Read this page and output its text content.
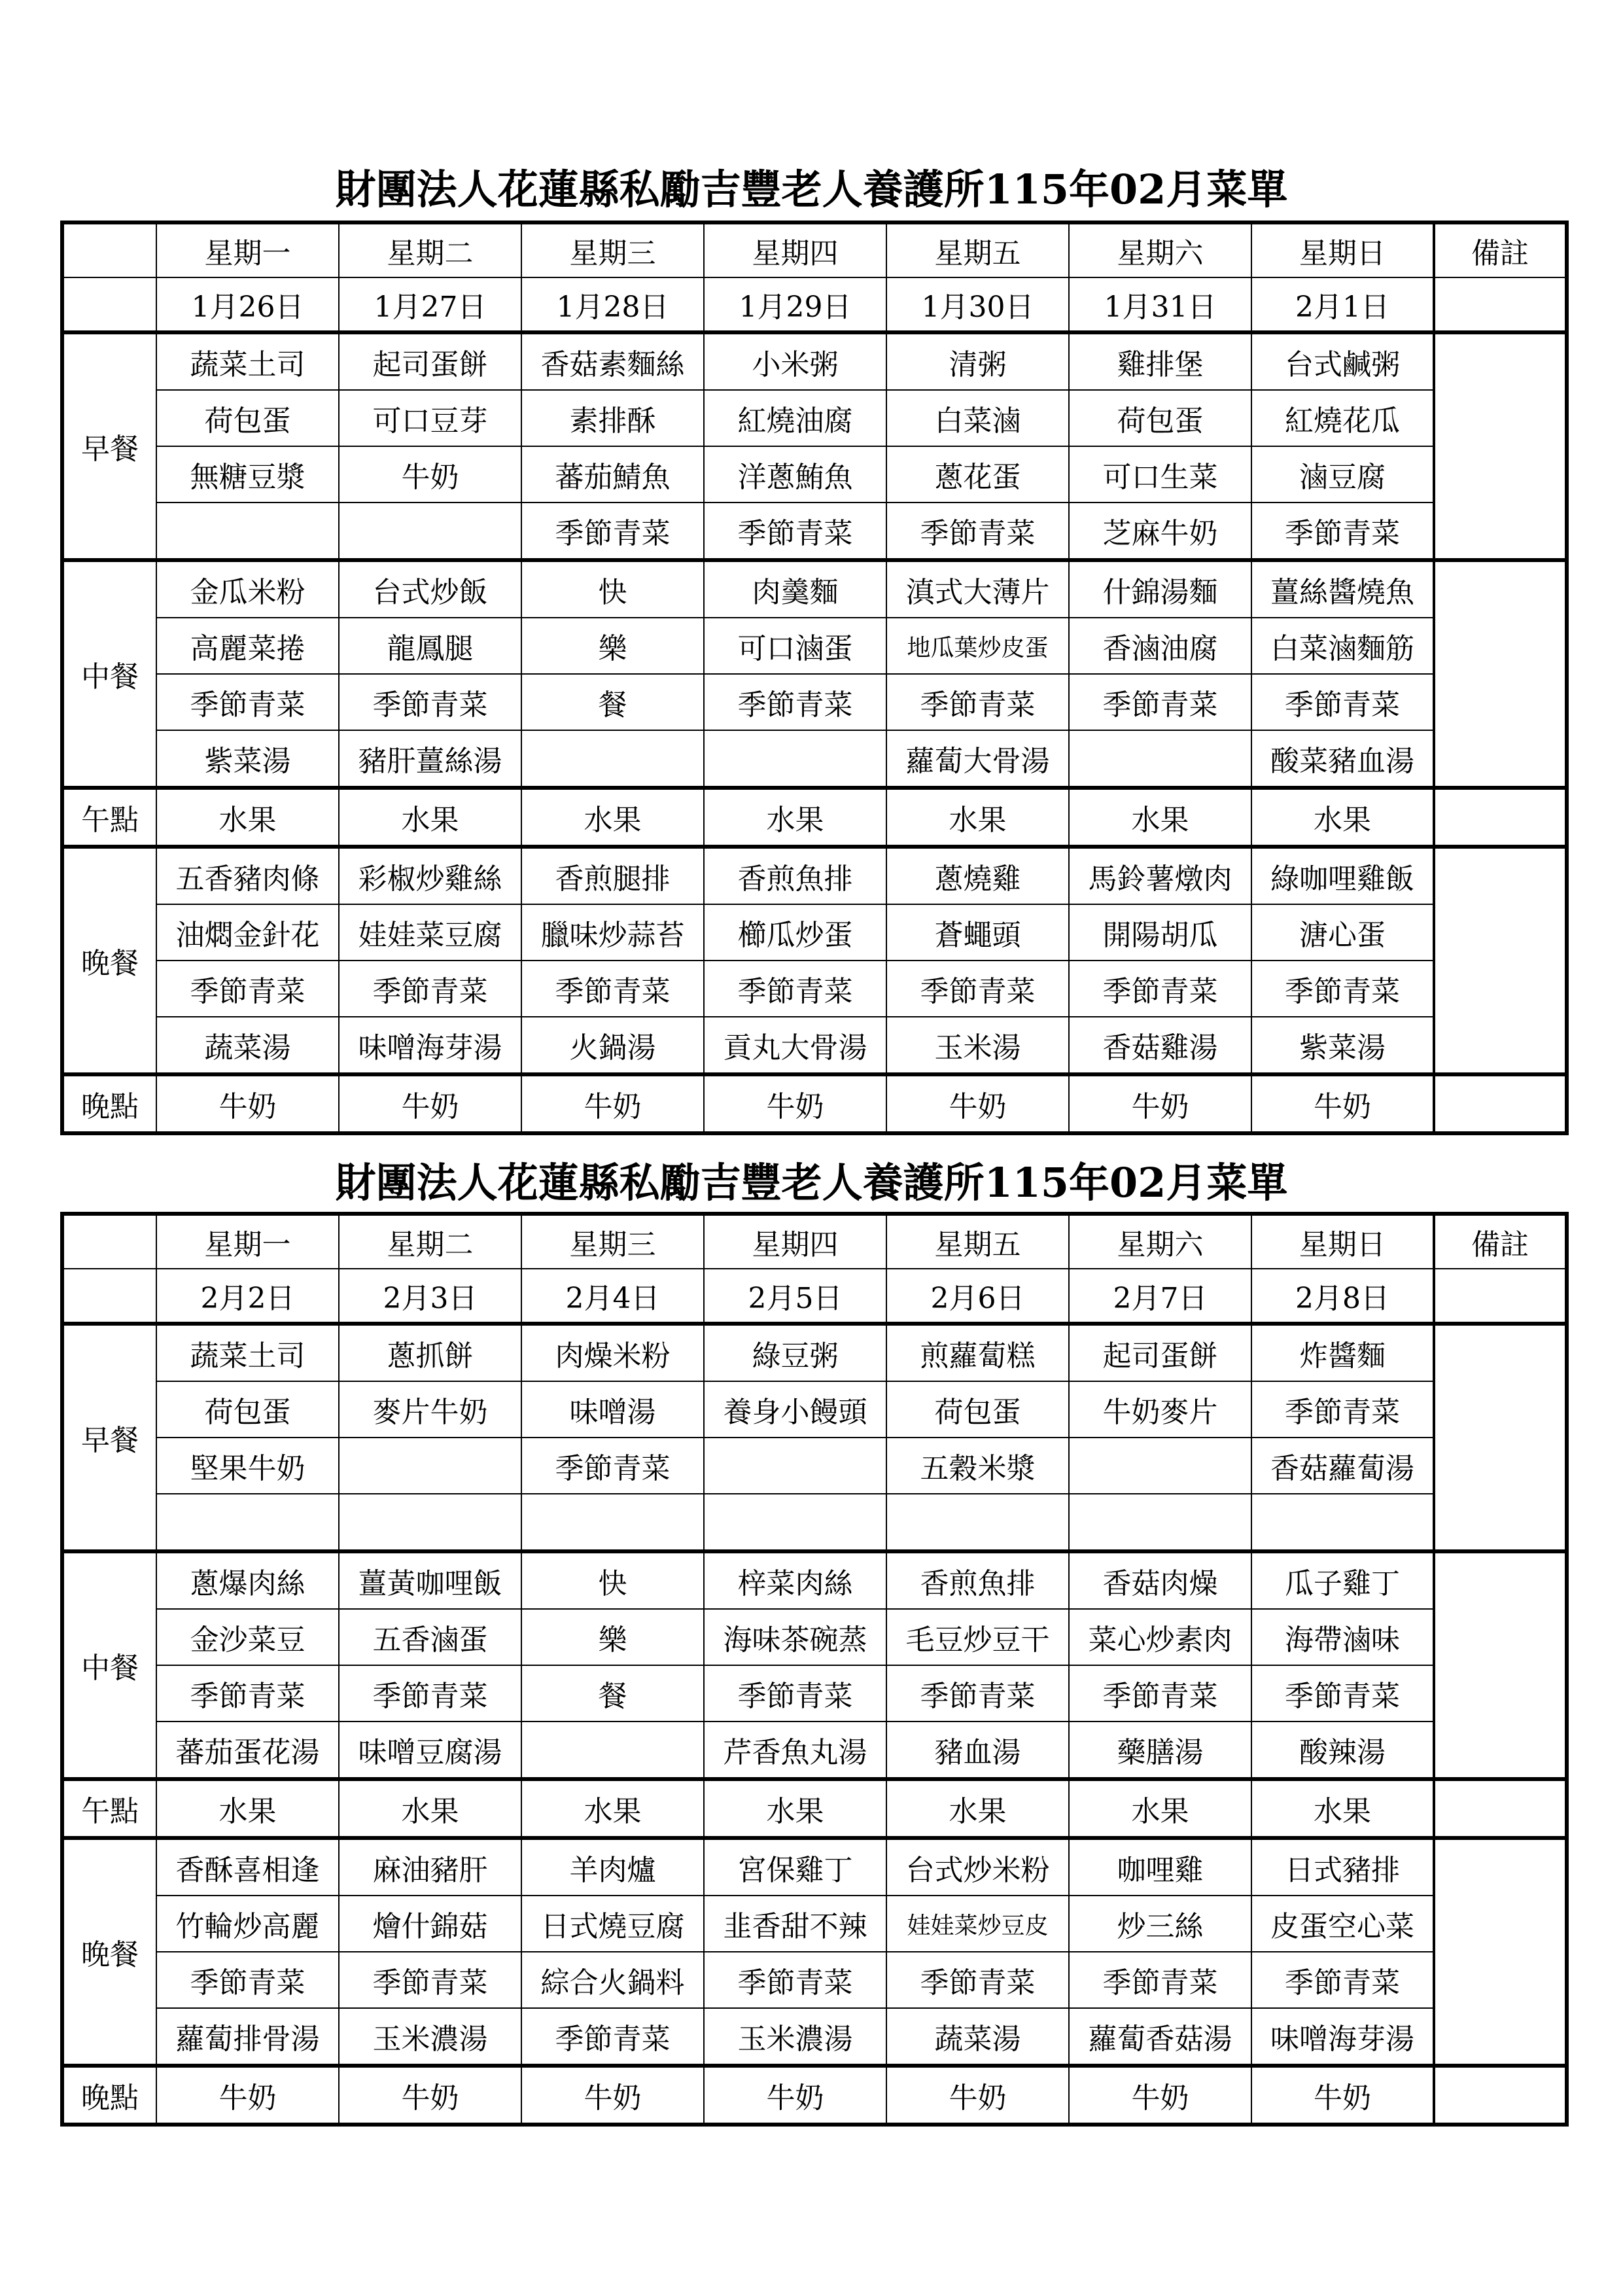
財團法人花蓮縣私勵吉豐老人養護所115年02月菜單
	星期一	星期二	星期三	星期四	星期五	星期六	星期日	備註
	1月26日	1月27日	1月28日	1月29日	1月30日	1月31日	2月1日	
早餐	蔬菜土司	起司蛋餅	香菇素麵絲	小米粥	清粥	雞排堡	台式鹹粥	
	荷包蛋	可口豆芽	素排酥	紅燒油腐	白菜滷	荷包蛋	紅燒花瓜	
	無糖豆漿	牛奶	蕃茄鯖魚	洋蔥鮪魚	蔥花蛋	可口生菜	滷豆腐	
			季節青菜	季節青菜	季節青菜	芝麻牛奶	季節青菜	
中餐	金瓜米粉	台式炒飯	快	肉羹麵	滇式大薄片	什錦湯麵	薑絲醬燒魚	
	高麗菜捲	龍鳳腿	樂	可口滷蛋	地瓜葉炒皮蛋	香滷油腐	白菜滷麵筋	
	季節青菜	季節青菜	餐	季節青菜	季節青菜	季節青菜	季節青菜	
	紫菜湯	豬肝薑絲湯			蘿蔔大骨湯		酸菜豬血湯	
午點	水果	水果	水果	水果	水果	水果	水果	
晚餐	五香豬肉條	彩椒炒雞絲	香煎腿排	香煎魚排	蔥燒雞	馬鈴薯燉肉	綠咖哩雞飯	
	油燜金針花	娃娃菜豆腐	臘味炒蒜苔	櫛瓜炒蛋	蒼蠅頭	開陽胡瓜	溏心蛋	
	季節青菜	季節青菜	季節青菜	季節青菜	季節青菜	季節青菜	季節青菜	
	蔬菜湯	味噌海芽湯	火鍋湯	貢丸大骨湯	玉米湯	香菇雞湯	紫菜湯	
晚點	牛奶	牛奶	牛奶	牛奶	牛奶	牛奶	牛奶	
財團法人花蓮縣私勵吉豐老人養護所115年02月菜單
	星期一	星期二	星期三	星期四	星期五	星期六	星期日	備註
	2月2日	2月3日	2月4日	2月5日	2月6日	2月7日	2月8日	
早餐	蔬菜土司	蔥抓餅	肉燥米粉	綠豆粥	煎蘿蔔糕	起司蛋餅	炸醬麵	
	荷包蛋	麥片牛奶	味噌湯	養身小饅頭	荷包蛋	牛奶麥片	季節青菜	
	堅果牛奶		季節青菜		五穀米漿		香菇蘿蔔湯	

中餐	蔥爆肉絲	薑黃咖哩飯	快	梓菜肉絲	香煎魚排	香菇肉燥	瓜子雞丁	
	金沙菜豆	五香滷蛋	樂	海味茶碗蒸	毛豆炒豆干	菜心炒素肉	海帶滷味	
	季節青菜	季節青菜	餐	季節青菜	季節青菜	季節青菜	季節青菜	
	蕃茄蛋花湯	味噌豆腐湯		芹香魚丸湯	豬血湯	藥膳湯	酸辣湯	
午點	水果	水果	水果	水果	水果	水果	水果	
晚餐	香酥喜相逢	麻油豬肝	羊肉爐	宮保雞丁	台式炒米粉	咖哩雞	日式豬排	
	竹輪炒高麗	燴什錦菇	日式燒豆腐	韭香甜不辣	娃娃菜炒豆皮	炒三絲	皮蛋空心菜	
	季節青菜	季節青菜	綜合火鍋料	季節青菜	季節青菜	季節青菜	季節青菜	
	蘿蔔排骨湯	玉米濃湯	季節青菜	玉米濃湯	蔬菜湯	蘿蔔香菇湯	味噌海芽湯	
晚點	牛奶	牛奶	牛奶	牛奶	牛奶	牛奶	牛奶	
